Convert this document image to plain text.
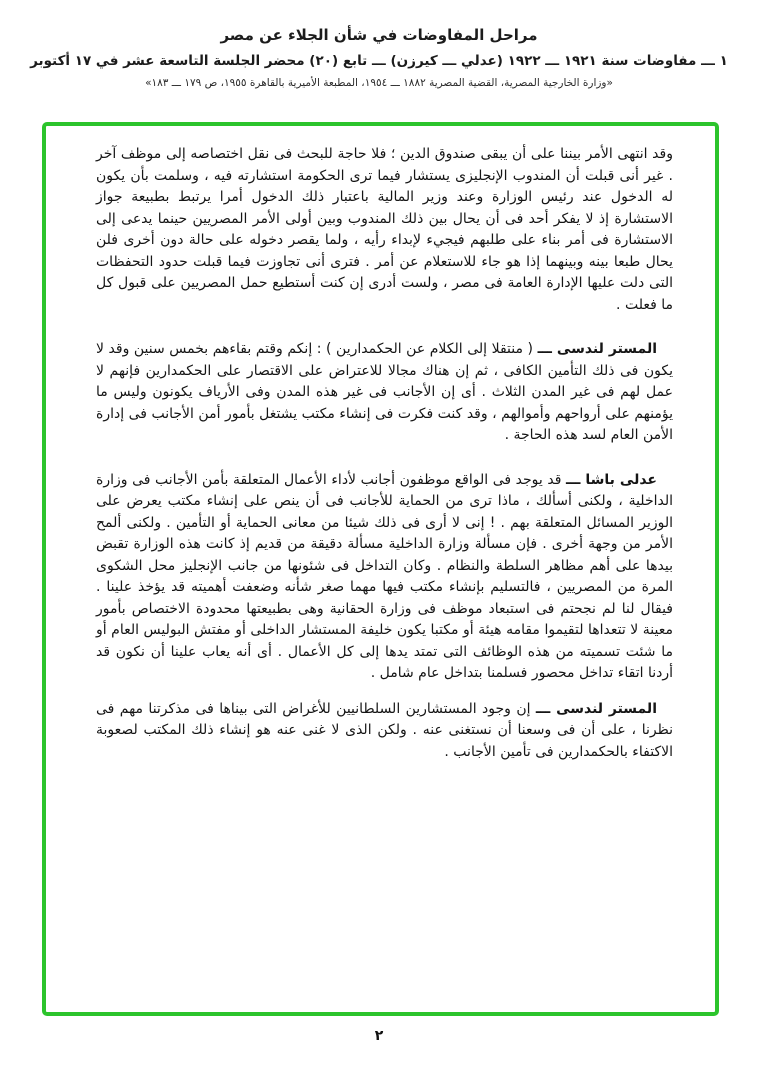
مراحل المفاوضات في شأن الجلاء عن مصر
١ ـــ مفاوضات سنة ١٩٢١ ـــ ١٩٢٢ (عدلي ـــ كيرزن) ـــ تابع (٢٠) محضر الجلسة التاسعة عشر في ١٧ أكتوبر
«وزارة الخارجية المصرية، القضية المصرية ١٨٨٢ ـــ ١٩٥٤، المطبعة الأميرية بالقاهرة ١٩٥٥، ص ١٧٩ ـــ ١٨٣»

وقد انتهى الأمر بيننا على أن يبقى صندوق الدين ؛ فلا حاجة للبحث فى نقل اختصاصه إلى موظف آخر . غير أنى قبلت أن المندوب الإنجليزى يستشار فيما ترى الحكومة استشارته فيه ، وسلمت بأن يكون له الدخول عند رئيس الوزارة وعند وزير المالية باعتبار ذلك الدخول أمرا يرتبط بطبيعة جواز الاستشارة إذ لا يفكر أحد فى أن يحال بين ذلك المندوب وبين أولى الأمر المصريين حينما يدعى إلى الاستشارة فى أمر بناء على طلبهم فيجيء لإبداء رأيه ، ولما يقصر دخوله على حالة دون أخرى فلن يحال طبعا بينه وبينهما إذا هو جاء للاستعلام عن أمر . فترى أنى تجاوزت فيما قبلت حدود التحفظات التى دلت عليها الإدارة العامة فى مصر ، ولست أدرى إن كنت أستطيع حمل المصريين على قبول كل ما فعلت .

المستر لندسى ـــ ( منتقلا إلى الكلام عن الحكمدارين ) : إنكم وقتم بقاءهم بخمس سنين وقد لا يكون فى ذلك التأمين الكافى ، ثم إن هناك مجالا للاعتراض على الاقتصار على الحكمدارين فإنهم لا عمل لهم فى غير المدن الثلاث . أى إن الأجانب فى غير هذه المدن وفى الأرياف يكونون وليس ما يؤمنهم على أرواحهم وأموالهم ، وقد كنت فكرت فى إنشاء مكتب يشتغل بأمور أمن الأجانب فى إدارة الأمن العام لسد هذه الحاجة .

عدلى باشا ـــ قد يوجد فى الواقع موظفون أجانب لأداء الأعمال المتعلقة بأمن الأجانب فى وزارة الداخلية ، ولكنى أسألك ، ماذا ترى من الحماية للأجانب فى أن ينص على إنشاء مكتب يعرض على الوزير المسائل المتعلقة بهم . ! إنى لا أرى فى ذلك شيئا من معانى الحماية أو التأمين . ولكنى ألمح الأمر من وجهة أخرى . فإن مسألة وزارة الداخلية مسألة دقيقة من قديم إذ كانت هذه الوزارة تقبض بيدها على أهم مظاهر السلطة والنظام . وكان التداخل فى شئونها من جانب الإنجليز محل الشكوى المرة من المصريين ، فالتسليم بإنشاء مكتب فيها مهما صغر شأنه وضعفت أهميته قد يؤخذ علينا . فيقال لنا لم نجحتم فى استبعاد موظف فى وزارة الحقانية وهى بطبيعتها محدودة الاختصاص بأمور معينة لا تتعداها لتقيموا مقامه هيئة أو مكتبا يكون خليفة المستشار الداخلى أو مفتش البوليس العام أو ما شئت تسميته من هذه الوظائف التى تمتد يدها إلى كل الأعمال . أى أنه يعاب علينا أن نكون قد أردنا اتقاء تداخل محصور فسلمنا بتداخل عام شامل .

المستر لندسى ـــ إن وجود المستشارين السلطانيين للأغراض التى بيناها فى مذكرتنا مهم فى نظرنا ، على أن فى وسعنا أن نستغنى عنه . ولكن الذى لا غنى عنه هو إنشاء ذلك المكتب لصعوبة الاكتفاء بالحكمدارين فى تأمين الأجانب .

٢
